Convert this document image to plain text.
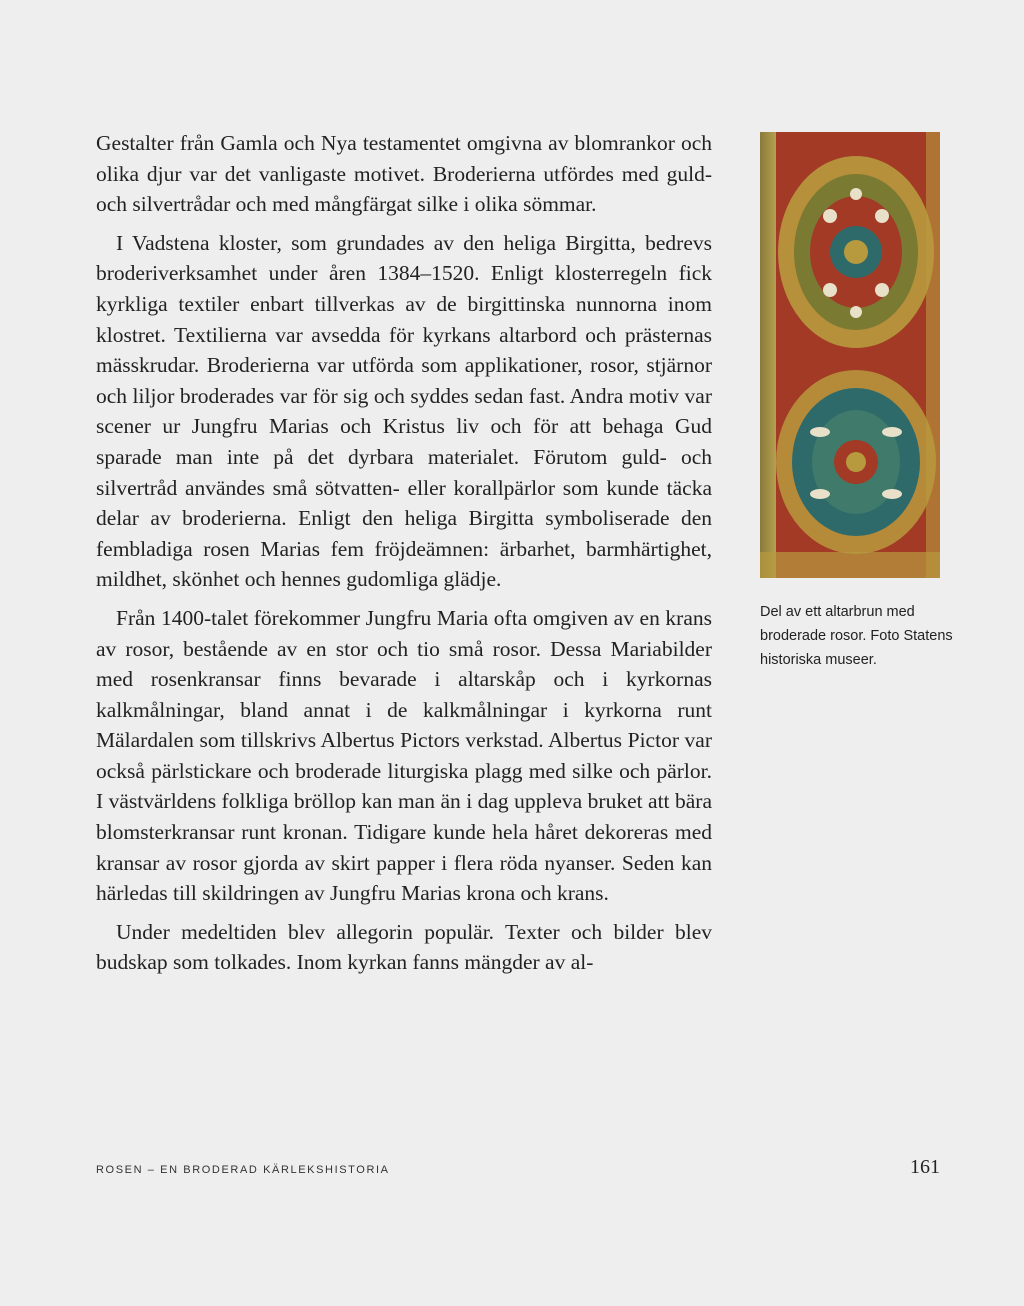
Gestalter från Gamla och Nya testamentet omgivna av blomrankor och olika djur var det vanligaste motivet. Broderierna utfördes med guld- och silvertrådar och med mångfärgat silke i olika sömmar.

I Vadstena kloster, som grundades av den heliga Birgitta, bedrevs broderiverksamhet under åren 1384–1520. Enligt klosterregeln fick kyrkliga textiler enbart tillverkas av de birgittinska nunnorna inom klostret. Textilierna var avsedda för kyrkans altarbord och prästernas mässkrudar. Broderierna var utförda som applikationer, rosor, stjärnor och liljor broderades var för sig och syddes sedan fast. Andra motiv var scener ur Jungfru Marias och Kristus liv och för att behaga Gud sparade man inte på det dyrbara materialet. Förutom guld- och silvertråd användes små sötvatten- eller korallpärlor som kunde täcka delar av broderierna. Enligt den heliga Birgitta symboliserade den fembladiga rosen Marias fem fröjdeämnen: ärbarhet, barmhärtighet, mildhet, skönhet och hennes gudomliga glädje.

Från 1400-talet förekommer Jungfru Maria ofta omgiven av en krans av rosor, bestående av en stor och tio små rosor. Dessa Mariabilder med rosenkransar finns bevarade i altarskåp och i kyrkornas kalkmålningar, bland annat i de kalkmålningar i kyrkorna runt Mälardalen som tillskrivs Albertus Pictors verkstad. Albertus Pictor var också pärlstickare och broderade liturgiska plagg med silke och pärlor. I västvärldens folkliga bröllop kan man än i dag uppleva bruket att bära blomsterkransar runt kronan. Tidigare kunde hela håret dekoreras med kransar av rosor gjorda av skirt papper i flera röda nyanser. Seden kan härledas till skildringen av Jungfru Marias krona och krans.

Under medeltiden blev allegorin populär. Texter och bilder blev budskap som tolkades. Inom kyrkan fanns mängder av al-

Del av ett altarbrun med broderade rosor. Foto Statens historiska museer.
ROSEN – EN BRODERAD KÄRLEKSHISTORIA	161
